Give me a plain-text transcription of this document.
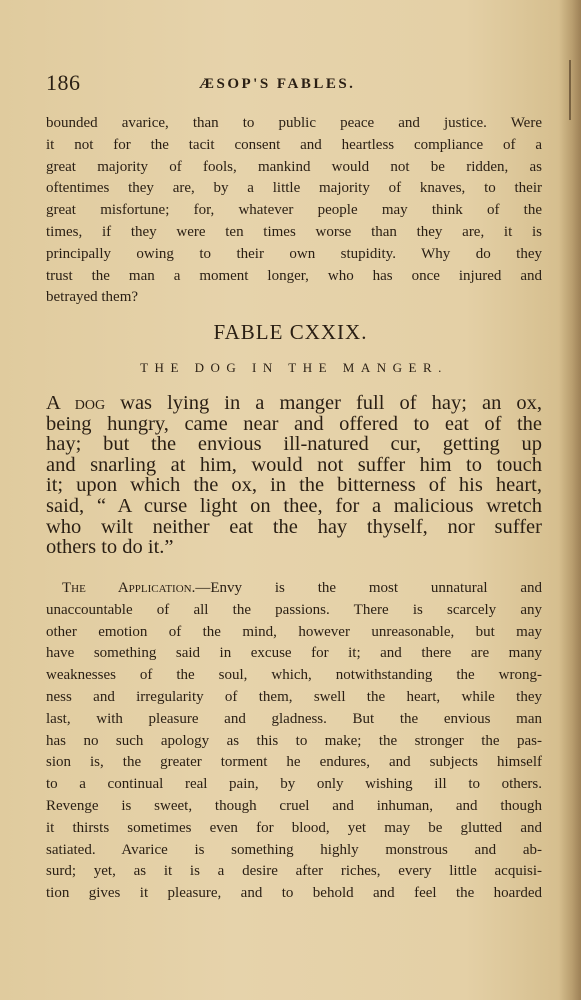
186	ÆSOP'S FABLES.
bounded avarice, than to public peace and justice. Were
it not for the tacit consent and heartless compliance of a
great majority of fools, mankind would not be ridden, as
oftentimes they are, by a little majority of knaves, to their
great misfortune; for, whatever people may think of the
times, if they were ten times worse than they are, it is
principally owing to their own stupidity. Why do they
trust the man a moment longer, who has once injured and
betrayed them?
FABLE CXXIX.
THE DOG IN THE MANGER.
A dog was lying in a manger full of hay; an ox,
being hungry, came near and offered to eat of the
hay; but the envious ill-natured cur, getting up
and snarling at him, would not suffer him to touch
it; upon which the ox, in the bitterness of his heart,
said, “ A curse light on thee, for a malicious wretch
who wilt neither eat the hay thyself, nor suffer
others to do it.”
The Application.—Envy is the most unnatural and
unaccountable of all the passions. There is scarcely any
other emotion of the mind, however unreasonable, but may
have something said in excuse for it; and there are many
weaknesses of the soul, which, notwithstanding the wrong-
ness and irregularity of them, swell the heart, while they
last, with pleasure and gladness. But the envious man
has no such apology as this to make; the stronger the pas-
sion is, the greater torment he endures, and subjects himself
to a continual real pain, by only wishing ill to others.
Revenge is sweet, though cruel and inhuman, and though
it thirsts sometimes even for blood, yet may be glutted and
satiated. Avarice is something highly monstrous and ab-
surd; yet, as it is a desire after riches, every little acquisi-
tion gives it pleasure, and to behold and feel the hoarded
